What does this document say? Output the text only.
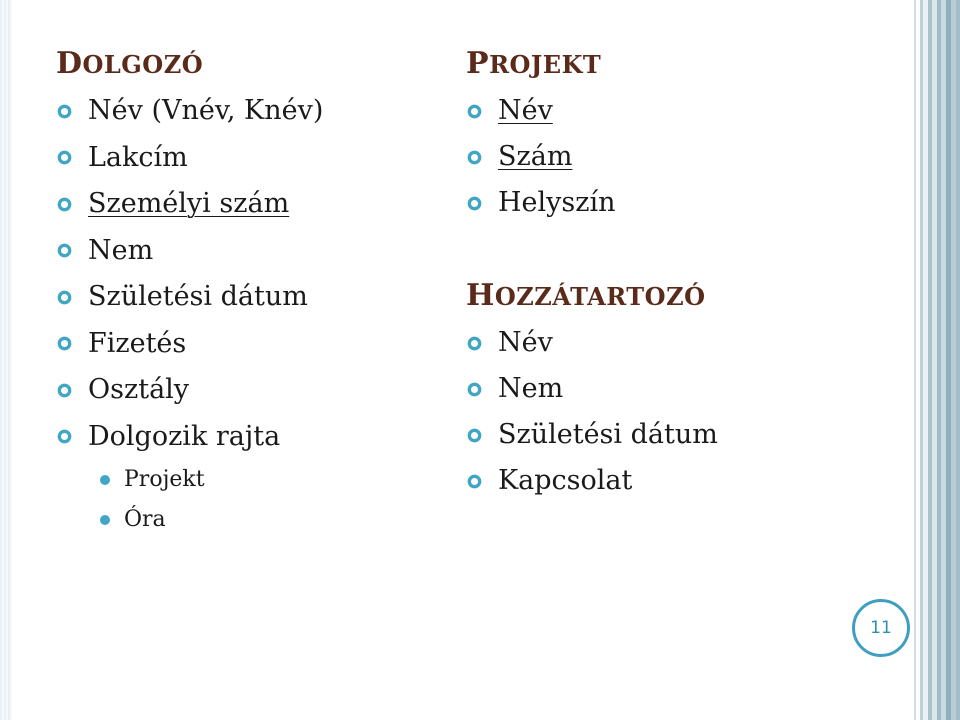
DOLGOZÓ
Név (Vnév, Knév)
Lakcím
Személyi szám
Nem
Születési dátum
Fizetés
Osztály
Dolgozik rajta
Projekt
Óra
PROJEKT
Név
Szám
Helyszín
HOZZÁTARTOZÓ
Név
Nem
Születési dátum
Kapcsolat
11
